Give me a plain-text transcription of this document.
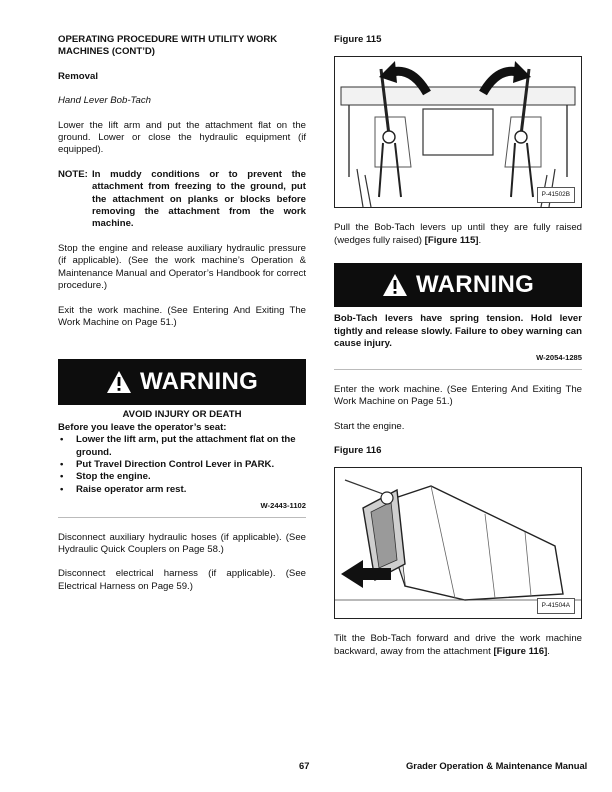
OPERATING PROCEDURE WITH UTILITY WORK MACHINES (CONT’D)
Removal
Hand Lever Bob-Tach

Lower the lift arm and put the attachment flat on the ground. Lower or close the hydraulic equipment (if equipped).

NOTE: In muddy conditions or to prevent the attachment from freezing to the ground, put the attachment on planks or blocks before removing the attachment from the work machine.

Stop the engine and release auxiliary hydraulic pressure (if applicable). (See the work machine’s Operation & Maintenance Manual and Operator’s Handbook for correct procedure.)

Exit the work machine. (See Entering And Exiting The Work Machine on Page 51.)

WARNING
AVOID INJURY OR DEATH
Before you leave the operator’s seat:
• Lower the lift arm, put the attachment flat on the ground.
• Put Travel Direction Control Lever in PARK.
• Stop the engine.
• Raise operator arm rest.
W-2443-1102

Disconnect auxiliary hydraulic hoses (if applicable). (See Hydraulic Quick Couplers on Page 58.)

Disconnect electrical harness (if applicable). (See Electrical Harness on Page 59.)

Figure 115
P-41502B

Pull the Bob-Tach levers up until they are fully raised (wedges fully raised) [Figure 115].

WARNING

Bob-Tach levers have spring tension. Hold lever tightly and release slowly. Failure to obey warning can cause injury.

W-2054-1285

Enter the work machine. (See Entering And Exiting The Work Machine on Page 51.)

Start the engine.

Figure 116
P-41504A

Tilt the Bob-Tach forward and drive the work machine backward, away from the attachment [Figure 116].

67	Grader Operation & Maintenance Manual
